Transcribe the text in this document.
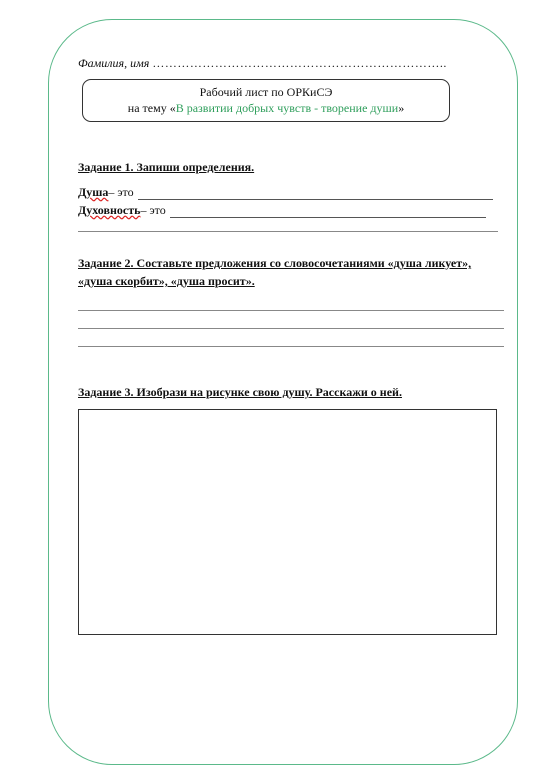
Фамилия, имя ……………………………………………………………..
Рабочий лист по ОРКиСЭ
на тему «В развитии добрых чувств - творение души»
Задание 1. Запиши определения.
Душа – это
Духовность – это
Задание 2. Составьте предложения со словосочетаниями «душа ликует»,
«душа скорбит», «душа просит».
Задание 3. Изобрази на рисунке свою душу. Расскажи о ней.
